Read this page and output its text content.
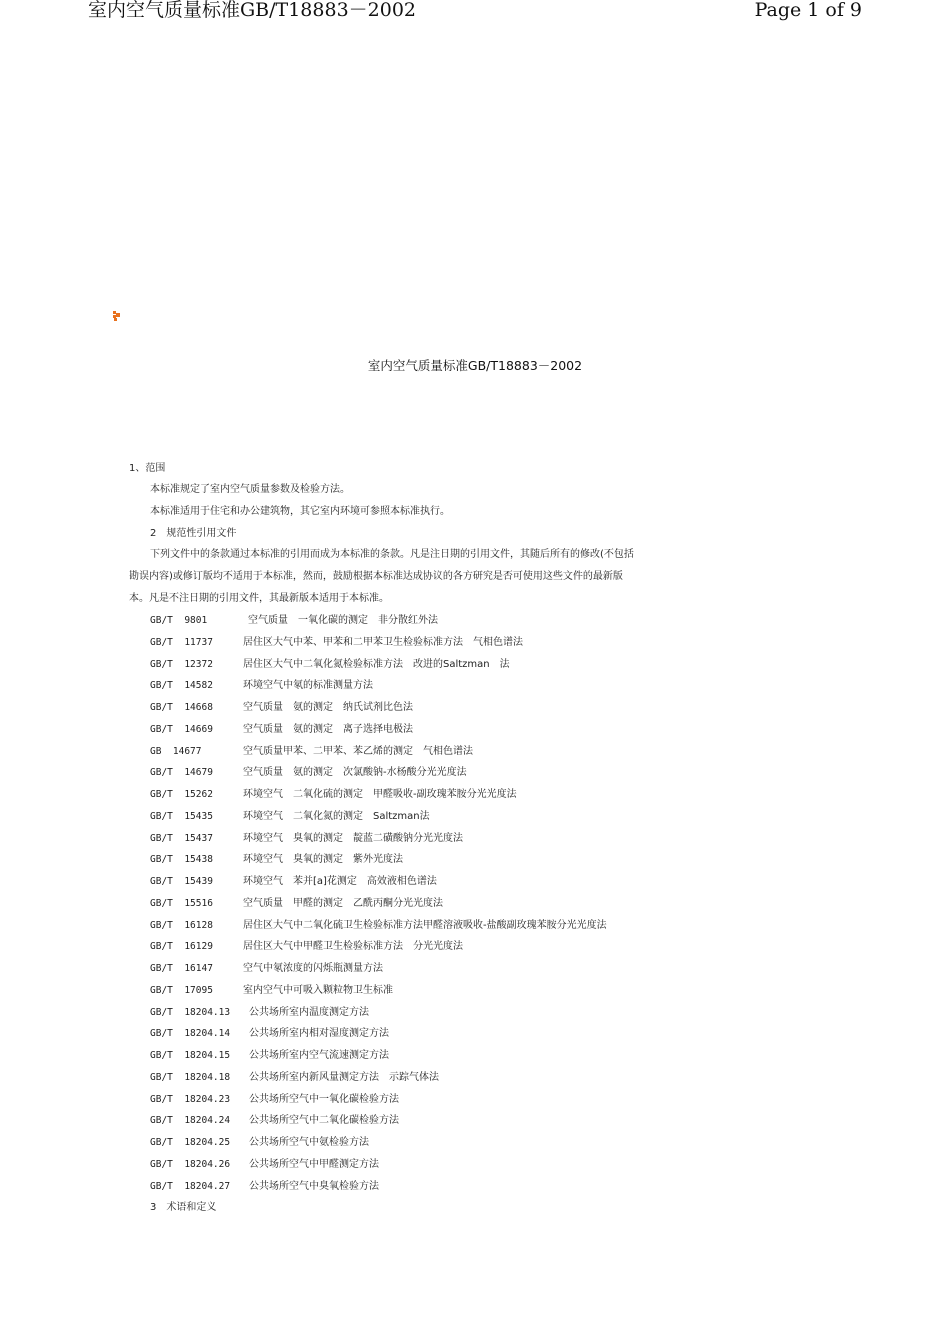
室内空气质量标准GB/T18883－2002	Page 1 of 9
室内空气质量标准GB/T18883－2002
1、范围
本标准规定了室内空气质量参数及检验方法。
本标准适用于住宅和办公建筑物，其它室内环境可参照本标准执行。
2　规范性引用文件
下列文件中的条款通过本标准的引用而成为本标准的条款。凡是注日期的引用文件，其随后所有的修改(不包括
勘误内容)或修订版均不适用于本标准，然而，鼓励根据本标准达成协议的各方研究是否可使用这些文件的最新版
本。凡是不注日期的引用文件，其最新版本适用于本标准。
GB/T  9801	空气质量　一氧化碳的测定　非分散红外法
GB/T  11737	居住区大气中苯、甲苯和二甲苯卫生检验标准方法　气相色谱法
GB/T  12372	居住区大气中二氧化氮检验标准方法　改进的Saltzman　法
GB/T  14582	环境空气中氡的标准测量方法
GB/T  14668	空气质量　氨的测定　纳氏试剂比色法
GB/T  14669	空气质量　氨的测定　离子选择电极法
GB  14677	空气质量甲苯、二甲苯、苯乙烯的测定　气相色谱法
GB/T  14679	空气质量　氨的测定　次氯酸钠-水杨酸分光光度法
GB/T  15262	环境空气　二氧化硫的测定　甲醛吸收-副玫瑰苯胺分光光度法
GB/T  15435	环境空气　二氧化氮的测定　Saltzman法
GB/T  15437	环境空气　臭氧的测定　靛蓝二磺酸钠分光光度法
GB/T  15438	环境空气　臭氧的测定　紫外光度法
GB/T  15439	环境空气　苯并[a]花测定　高效液相色谱法
GB/T  15516	空气质量　甲醛的测定　乙酰丙酮分光光度法
GB/T  16128	居住区大气中二氧化硫卫生检验标准方法甲醛溶液吸收-盐酸副玫瑰苯胺分光光度法
GB/T  16129	居住区大气中甲醛卫生检验标准方法　分光光度法
GB/T  16147	空气中氡浓度的闪烁瓶测量方法
GB/T  17095	室内空气中可吸入颗粒物卫生标准
GB/T  18204.13 公共场所室内温度测定方法
GB/T  18204.14 公共场所室内相对湿度测定方法
GB/T  18204.15 公共场所室内空气流速测定方法
GB/T  18204.18 公共场所室内新风量测定方法　示踪气体法
GB/T  18204.23 公共场所空气中一氧化碳检验方法
GB/T  18204.24 公共场所空气中二氧化碳检验方法
GB/T  18204.25 公共场所空气中氨检验方法
GB/T  18204.26 公共场所空气中甲醛测定方法
GB/T  18204.27 公共场所空气中臭氧检验方法
3　术语和定义
